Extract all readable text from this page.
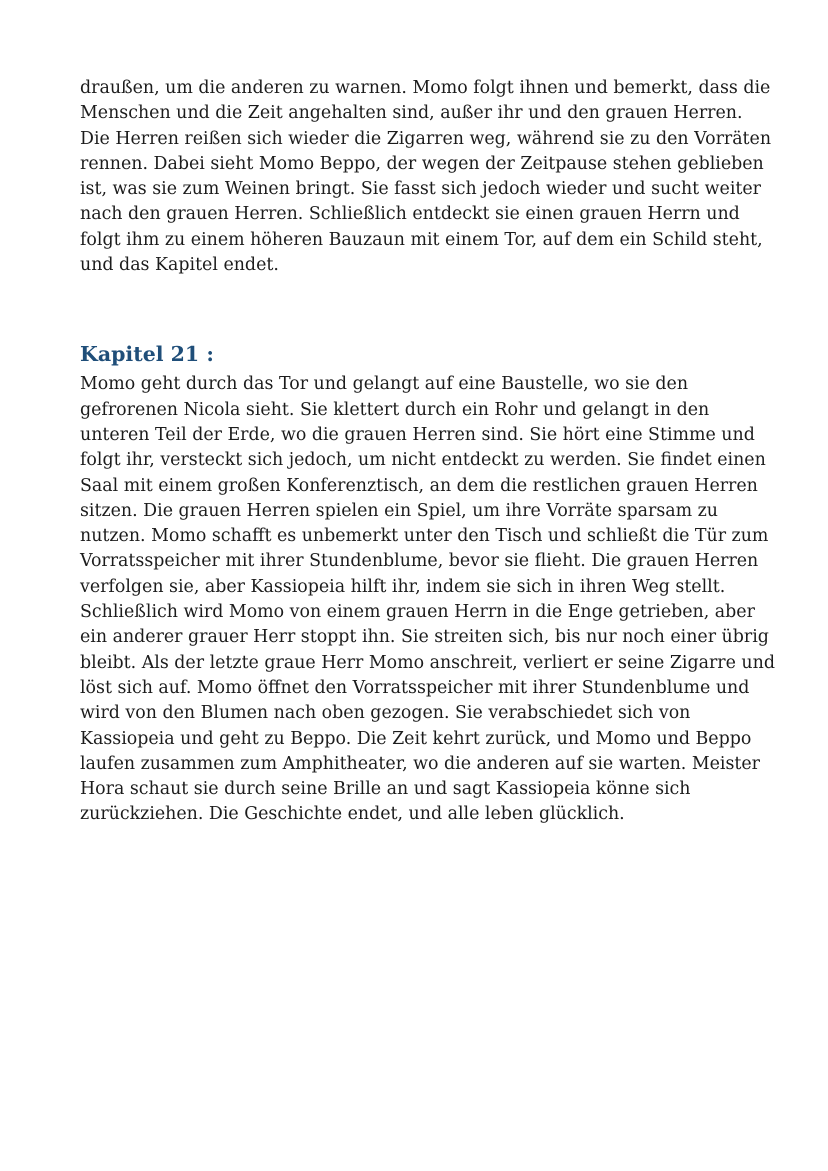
draußen, um die anderen zu warnen. Momo folgt ihnen und bemerkt, dass die
Menschen und die Zeit angehalten sind, außer ihr und den grauen Herren.
Die Herren reißen sich wieder die Zigarren weg, während sie zu den Vorräten
rennen. Dabei sieht Momo Beppo, der wegen der Zeitpause stehen geblieben
ist, was sie zum Weinen bringt. Sie fasst sich jedoch wieder und sucht weiter
nach den grauen Herren. Schließlich entdeckt sie einen grauen Herrn und
folgt ihm zu einem höheren Bauzaun mit einem Tor, auf dem ein Schild steht,
und das Kapitel endet.

Kapitel 21 :

Momo geht durch das Tor und gelangt auf eine Baustelle, wo sie den
gefrorenen Nicola sieht. Sie klettert durch ein Rohr und gelangt in den
unteren Teil der Erde, wo die grauen Herren sind. Sie hört eine Stimme und
folgt ihr, versteckt sich jedoch, um nicht entdeckt zu werden. Sie findet einen
Saal mit einem großen Konferenztisch, an dem die restlichen grauen Herren
sitzen. Die grauen Herren spielen ein Spiel, um ihre Vorräte sparsam zu
nutzen. Momo schafft es unbemerkt unter den Tisch und schließt die Tür zum
Vorratsspeicher mit ihrer Stundenblume, bevor sie flieht. Die grauen Herren
verfolgen sie, aber Kassiopeia hilft ihr, indem sie sich in ihren Weg stellt.
Schließlich wird Momo von einem grauen Herrn in die Enge getrieben, aber
ein anderer grauer Herr stoppt ihn. Sie streiten sich, bis nur noch einer übrig
bleibt. Als der letzte graue Herr Momo anschreit, verliert er seine Zigarre und
löst sich auf. Momo öffnet den Vorratsspeicher mit ihrer Stundenblume und
wird von den Blumen nach oben gezogen. Sie verabschiedet sich von
Kassiopeia und geht zu Beppo. Die Zeit kehrt zurück, und Momo und Beppo
laufen zusammen zum Amphitheater, wo die anderen auf sie warten. Meister
Hora schaut sie durch seine Brille an und sagt Kassiopeia könne sich
zurückziehen. Die Geschichte endet, und alle leben glücklich.
